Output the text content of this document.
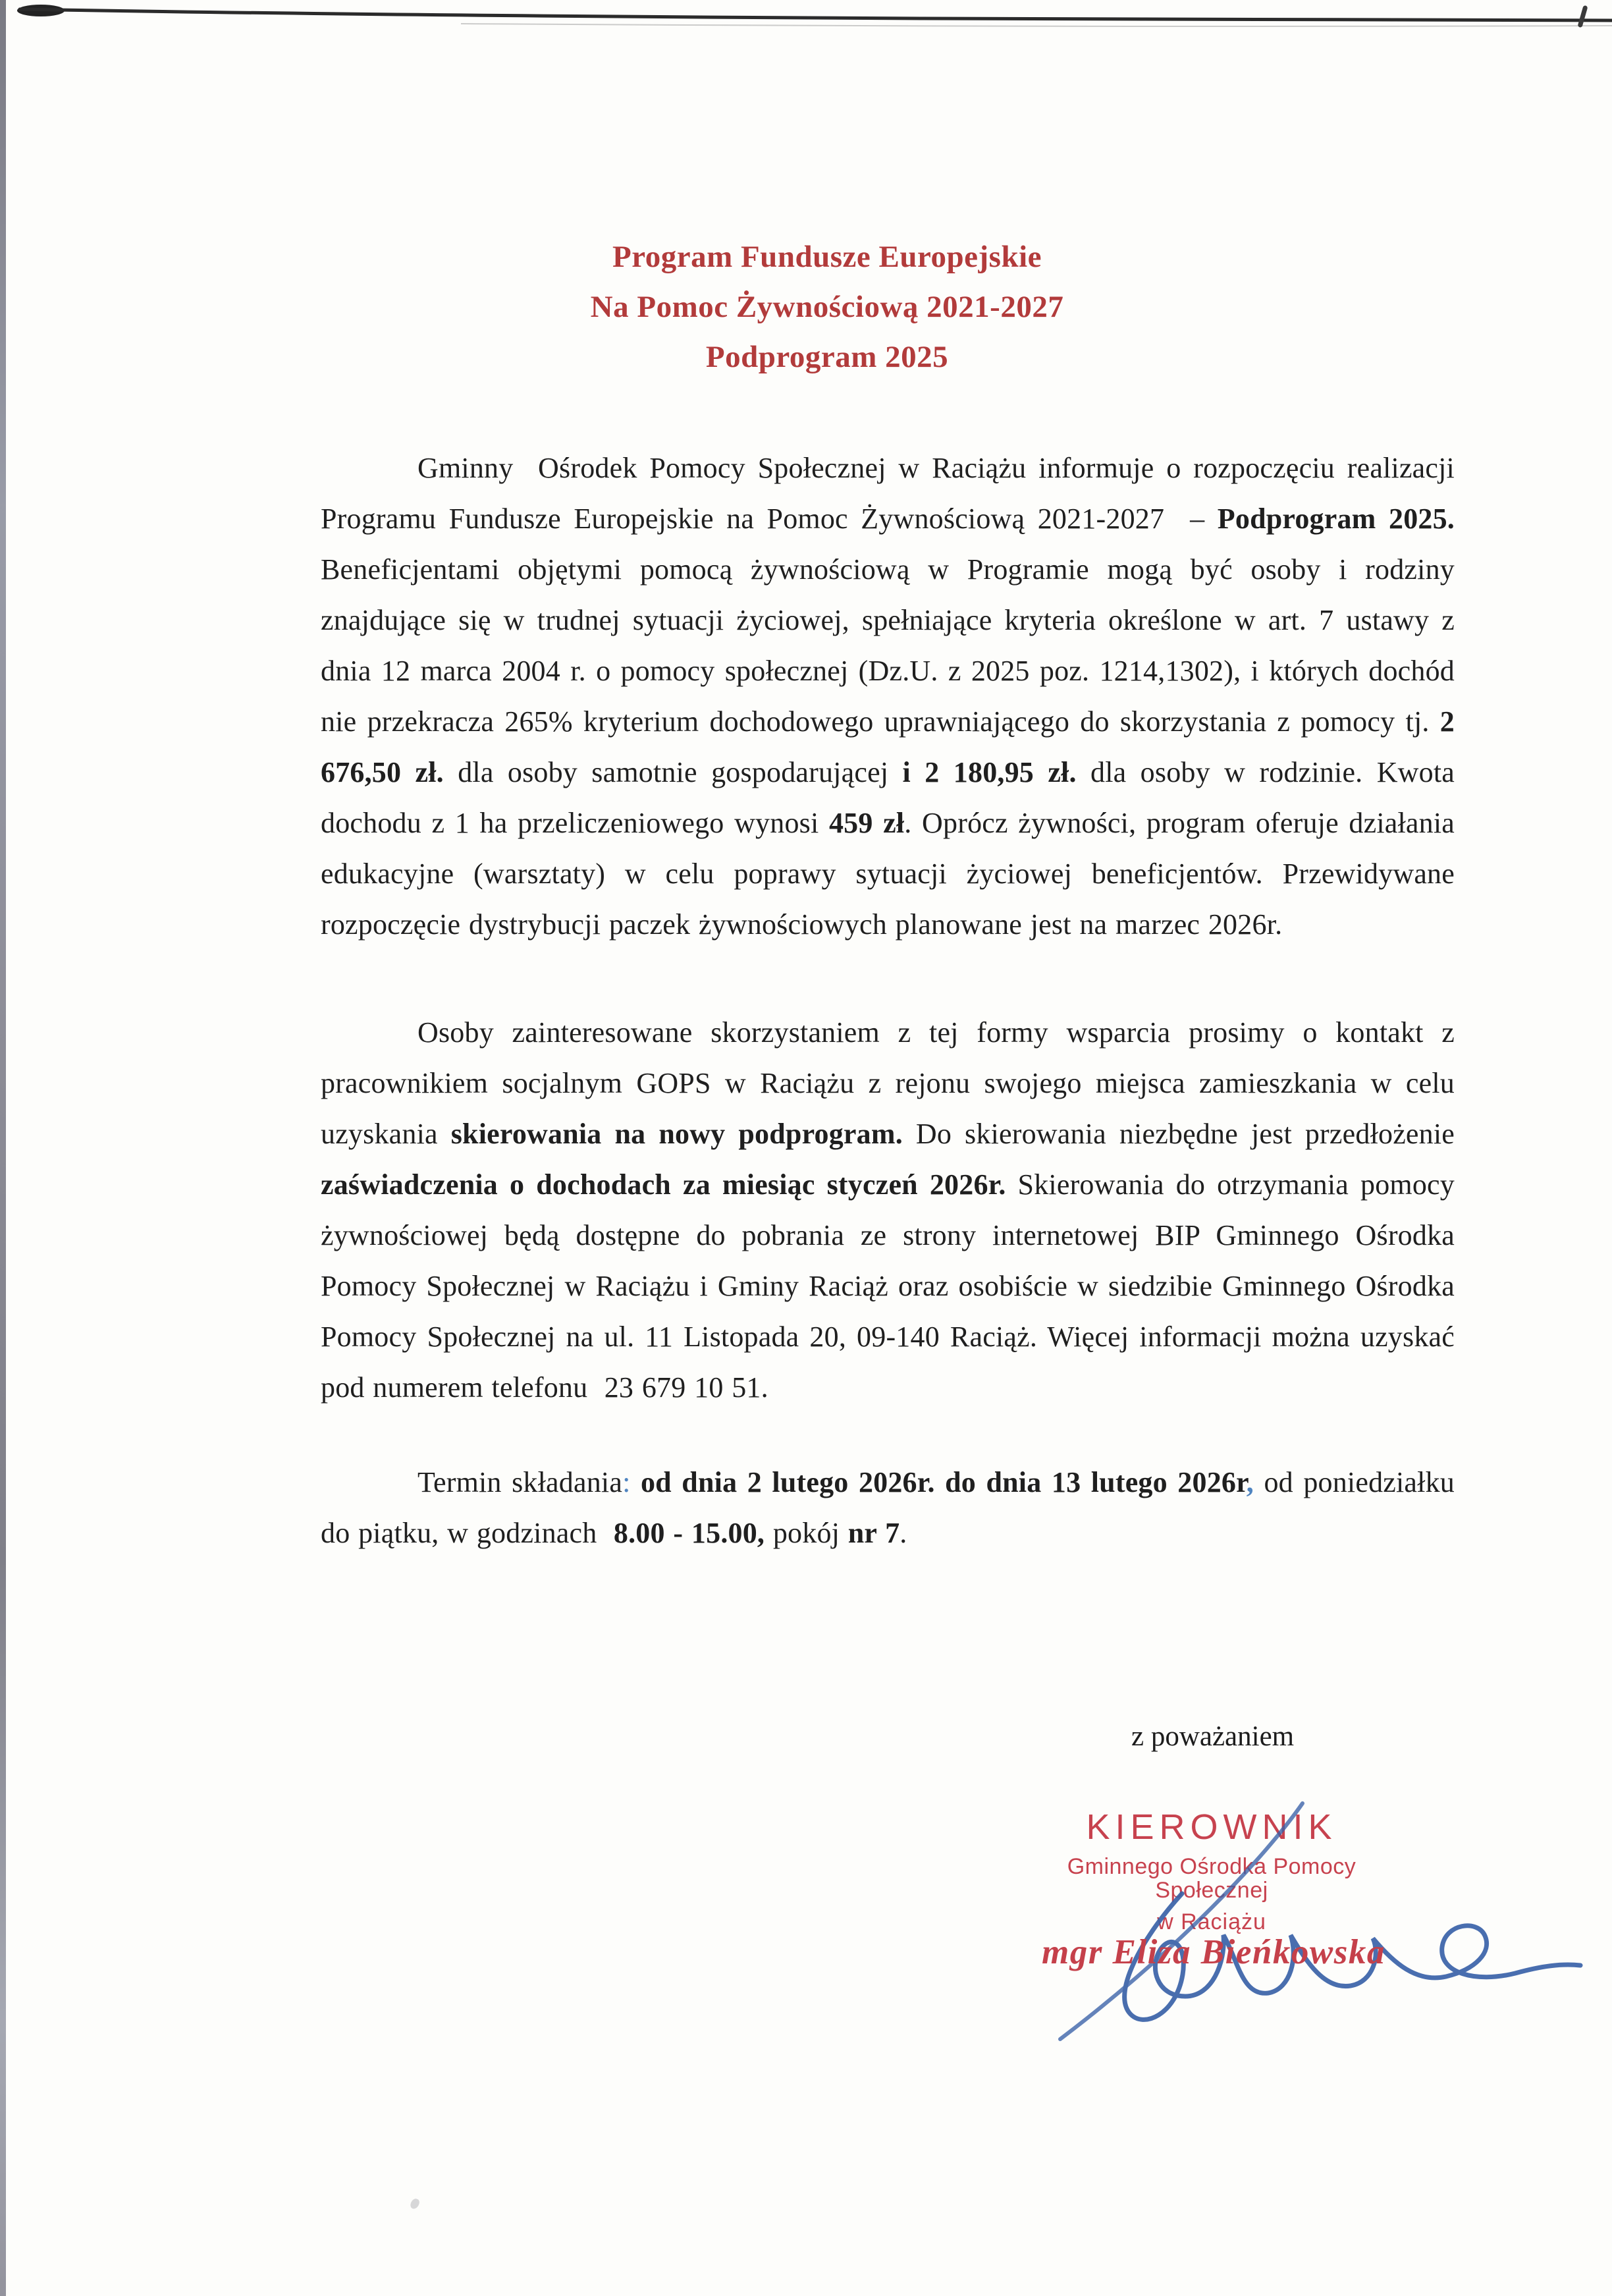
Program Fundusze Europejskie
Na Pomoc Żywnościową 2021-2027
Podprogram 2025

Gminny  Ośrodek Pomocy Społecznej w Raciążu informuje o rozpoczęciu realizacji Programu Fundusze Europejskie na Pomoc Żywnościową 2021-2027  – Podprogram 2025. Beneficjentami objętymi pomocą żywnościową w Programie mogą być osoby i rodziny znajdujące się w trudnej sytuacji życiowej, spełniające kryteria określone w art. 7 ustawy z dnia 12 marca 2004 r. o pomocy społecznej (Dz.U. z 2025 poz. 1214,1302), i których dochód nie przekracza 265% kryterium dochodowego uprawniającego do skorzystania z pomocy tj. 2 676,50 zł. dla osoby samotnie gospodarującej i 2 180,95 zł. dla osoby w rodzinie. Kwota dochodu z 1 ha przeliczeniowego wynosi 459 zł. Oprócz żywności, program oferuje działania edukacyjne (warsztaty) w celu poprawy sytuacji życiowej beneficjentów. Przewidywane rozpoczęcie dystrybucji paczek żywnościowych planowane jest na marzec 2026r.

Osoby zainteresowane skorzystaniem z tej formy wsparcia prosimy o kontakt z pracownikiem socjalnym GOPS w Raciążu z rejonu swojego miejsca zamieszkania w celu uzyskania skierowania na nowy podprogram. Do skierowania niezbędne jest przedłożenie zaświadczenia o dochodach za miesiąc styczeń 2026r. Skierowania do otrzymania pomocy żywnościowej będą dostępne do pobrania ze strony internetowej BIP Gminnego Ośrodka Pomocy Społecznej w Raciążu i Gminy Raciąż oraz osobiście w siedzibie Gminnego Ośrodka Pomocy Społecznej na ul. 11 Listopada 20, 09-140 Raciąż. Więcej informacji można uzyskać pod numerem telefonu  23 679 10 51.

Termin składania: od dnia 2 lutego 2026r. do dnia 13 lutego 2026r, od poniedziałku do piątku, w godzinach  8.00 - 15.00, pokój nr 7.

z poważaniem
KIEROWNIK
Gminnego Ośrodka Pomocy Społecznej
w Raciążu
mgr Eliza Bieńkowska
